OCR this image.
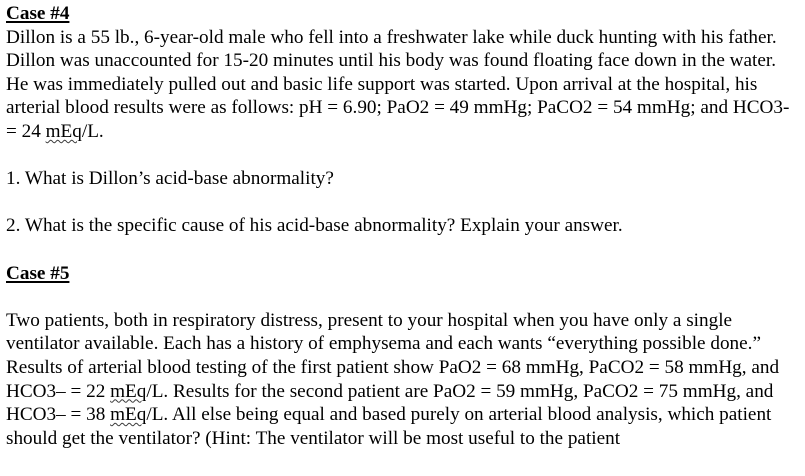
Case #4

Dillon is a 55 lb., 6-year-old male who fell into a freshwater lake while duck hunting with his father. Dillon was unaccounted for 15-20 minutes until his body was found floating face down in the water. He was immediately pulled out and basic life support was started. Upon arrival at the hospital, his arterial blood results were as follows: pH = 6.90; PaO2 = 49 mmHg; PaCO2 = 54 mmHg; and HCO3- = 24 mEq/L.

1. What is Dillon’s acid-base abnormality?

2. What is the specific cause of his acid-base abnormality? Explain your answer.

Case #5

Two patients, both in respiratory distress, present to your hospital when you have only a single ventilator available. Each has a history of emphysema and each wants “everything possible done.” Results of arterial blood testing of the first patient show PaO2 = 68 mmHg, PaCO2 = 58 mmHg, and HCO3– = 22 mEq/L. Results for the second patient are PaO2 = 59 mmHg, PaCO2 = 75 mmHg, and HCO3– = 38 mEq/L. All else being equal and based purely on arterial blood analysis, which patient should get the ventilator? (Hint: The ventilator will be most useful to the patient
